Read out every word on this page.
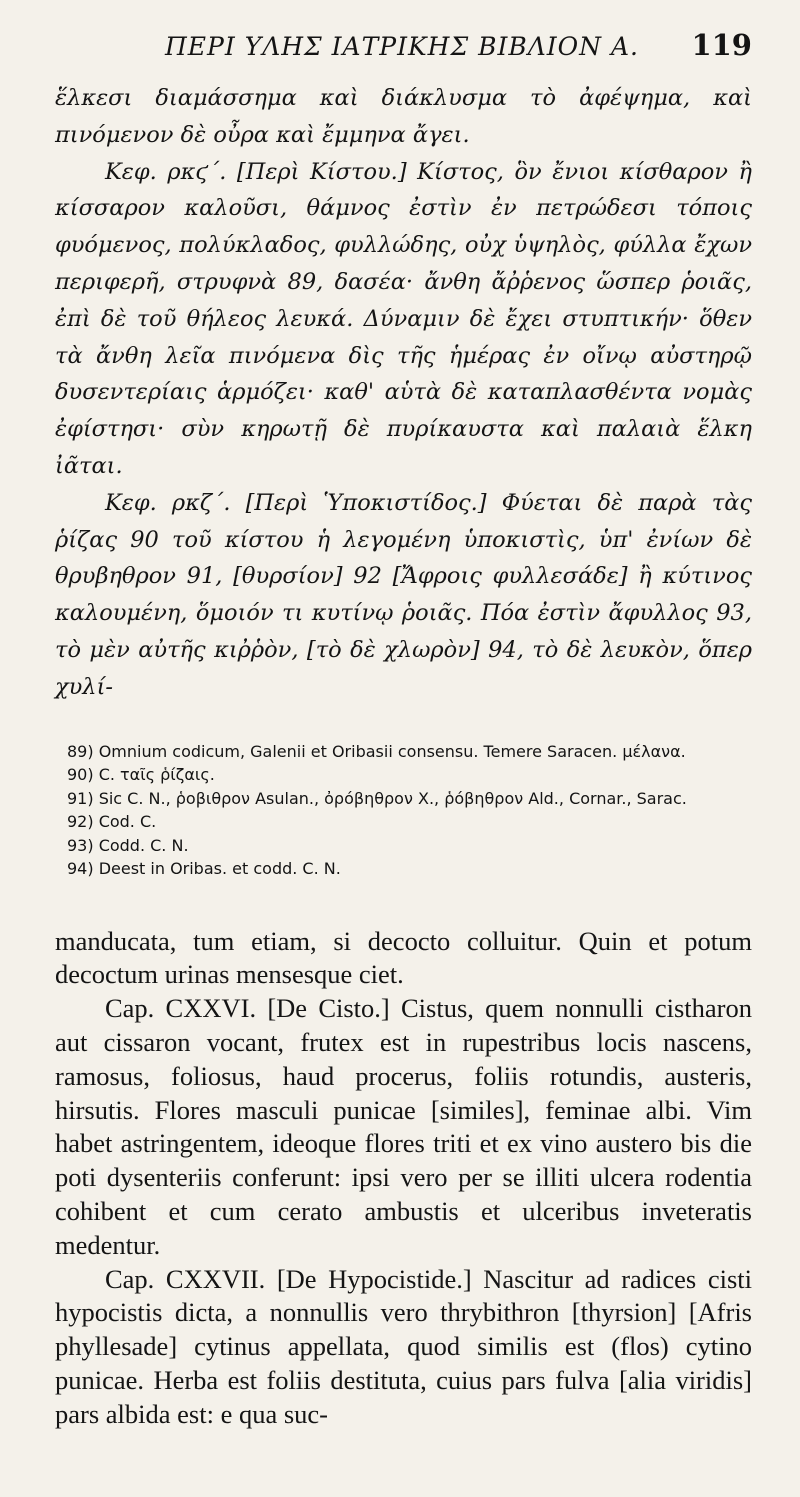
ΠΕΡΙ ΥΛΗΣ ΙΑΤΡΙΚΗΣ ΒΙΒΛΙΟΝ Α. 119

ἕλκεσι διαμάσσημα καὶ διάκλυσμα τὸ ἀφέψημα, καὶ πινόμενον δὲ οὖρα καὶ ἔμμηνα ἄγει.

Κεφ. ρκϛ΄. [Περὶ Κίστου.] Κίστος, ὃν ἔνιοι κίσθαρον ἢ κίσσαρον καλοῦσι, θάμνος ἐστὶν ἐν πετρώδεσι τόποις φυόμενος, πολύκλαδος, φυλλώδης, οὐχ ὑψηλὸς, φύλλα ἔχων περιφερῆ, στρυφνὰ 89, δασέα· ἄνθη ἄῤῥενος ὥσπερ ῥοιᾶς, ἐπὶ δὲ τοῦ θήλεος λευκά. Δύναμιν δὲ ἔχει στυπτικήν· ὅθεν τὰ ἄνθη λεῖα πινόμενα δὶς τῆς ἡμέρας ἐν οἴνῳ αὐστηρῷ δυσεντερίαις ἁρμόζει· καθ' αὑτὰ δὲ καταπλασθέντα νομὰς ἐφίστησι· σὺν κηρωτῇ δὲ πυρίκαυστα καὶ παλαιὰ ἕλκη ἰᾶται.

Κεφ. ρκζ΄. [Περὶ Ὑποκιστίδος.] Φύεται δὲ παρὰ τὰς ῥίζας 90 τοῦ κίστου ἡ λεγομένη ὑποκιστὶς, ὑπ' ἐνίων δὲ θρυβηθρον 91, [θυρσίον] 92 [Ἄφροις φυλλεσάδε] ἢ κύτινος καλουμένη, ὅμοιόν τι κυτίνῳ ῥοιᾶς. Πόα ἐστὶν ἄφυλλος 93, τὸ μὲν αὐτῆς κιῤῥὸν, [τὸ δὲ χλωρὸν] 94, τὸ δὲ λευκὸν, ὅπερ χυλί-

89) Omnium codicum, Galenii et Oribasii consensu. Temere Saracen. μέλανα.

90) C. ταῖς ῥίζαις.

91) Sic C. N., ῥοβιθρον Asulan., ὀρόβηθρον X., ῥόβηθρον Ald., Cornar., Sarac.

92) Cod. C.

93) Codd. C. N.

94) Deest in Oribas. et codd. C. N.

manducata, tum etiam, si decocto colluitur. Quin et potum decoctum urinas mensesque ciet.

Cap. CXXVI. [De Cisto.] Cistus, quem nonnulli cistharon aut cissaron vocant, frutex est in rupestribus locis nascens, ramosus, foliosus, haud procerus, foliis rotundis, austeris, hirsutis. Flores masculi punicae [similes], feminae albi. Vim habet astringentem, ideoque flores triti et ex vino austero bis die poti dysenteriis conferunt: ipsi vero per se illiti ulcera rodentia cohibent et cum cerato ambustis et ulceribus inveteratis medentur.

Cap. CXXVII. [De Hypocistide.] Nascitur ad radices cisti hypocistis dicta, a nonnullis vero thrybithron [thyrsion] [Afris phyllesade] cytinus appellata, quod similis est (flos) cytino punicae. Herba est foliis destituta, cuius pars fulva [alia viridis] pars albida est: e qua suc-
